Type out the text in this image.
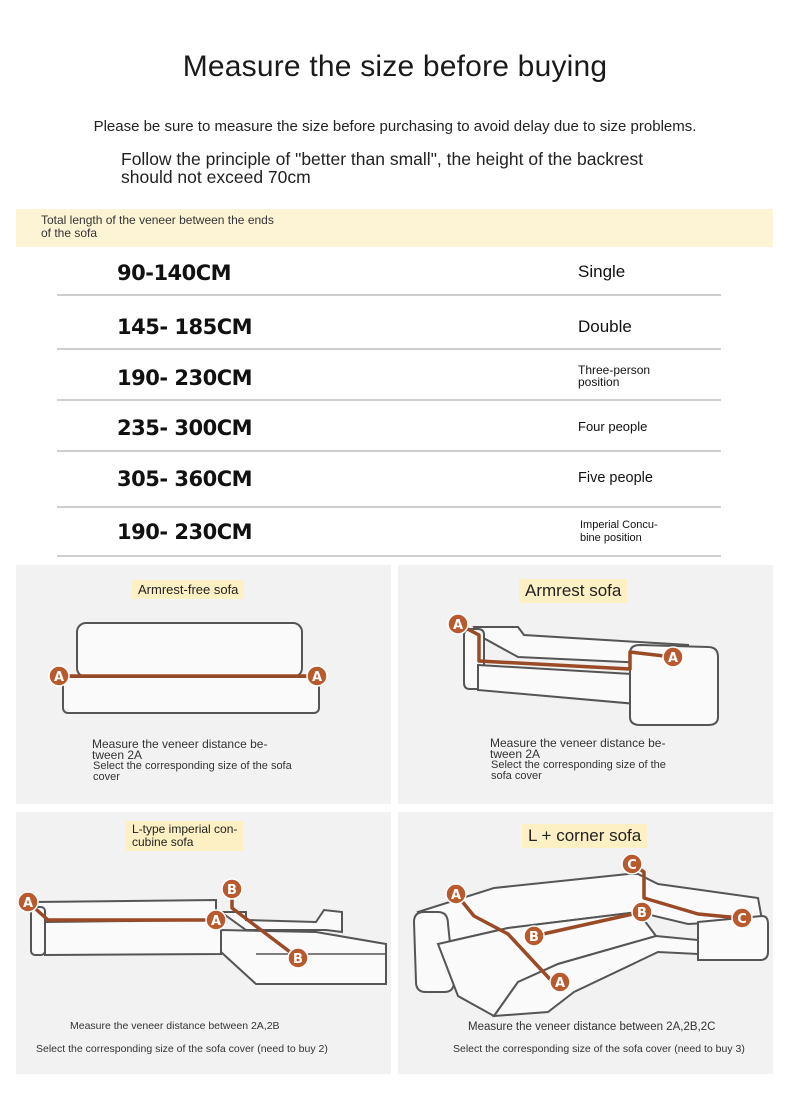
Measure the size before buying
Please be sure to measure the size before purchasing to avoid delay due to size problems.
Follow the principle of "better than small", the height of the backrest
should not exceed 70cm
Total length of the veneer between the ends
of the sofa
90-140CM	Single
145- 185CM	Double
190- 230CM	Three-person
position
235- 300CM	Four people
305- 360CM	Five people
190- 230CM	Imperial Concu-
bine position
Armrest-free sofa
A	A
Measure the veneer distance be-
tween 2A
Select the corresponding size of the sofa
cover
Armrest sofa
A
A
Measure the veneer distance be-
tween 2A
Select the corresponding size of the
sofa cover
L-type imperial con-
cubine sofa
A
A
B
B
Measure the veneer distance between 2A,2B
Select the corresponding size of the sofa cover (need to buy 2)
L + corner sofa
A
A
B
B
C
C
Measure the veneer distance between 2A,2B,2C
Select the corresponding size of the sofa cover (need to buy 3)
